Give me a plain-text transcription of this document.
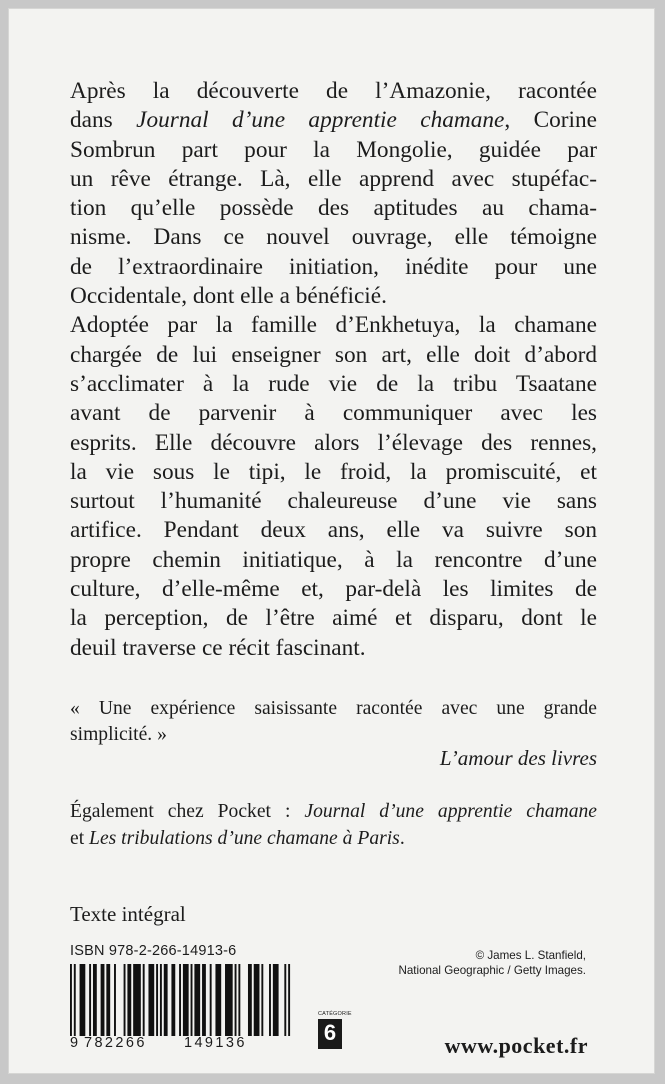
Après la découverte de l’Amazonie, racontée
dans Journal d’une apprentie chamane, Corine
Sombrun part pour la Mongolie, guidée par
un rêve étrange. Là, elle apprend avec stupéfac-
tion qu’elle possède des aptitudes au chama-
nisme. Dans ce nouvel ouvrage, elle témoigne
de l’extraordinaire initiation, inédite pour une
Occidentale, dont elle a bénéficié.
Adoptée par la famille d’Enkhetuya, la chamane
chargée de lui enseigner son art, elle doit d’abord
s’acclimater à la rude vie de la tribu Tsaatane
avant de parvenir à communiquer avec les
esprits. Elle découvre alors l’élevage des rennes,
la vie sous le tipi, le froid, la promiscuité, et
surtout l’humanité chaleureuse d’une vie sans
artifice. Pendant deux ans, elle va suivre son
propre chemin initiatique, à la rencontre d’une
culture, d’elle-même et, par-delà les limites de
la perception, de l’être aimé et disparu, dont le
deuil traverse ce récit fascinant.
« Une expérience saisissante racontée avec une grande
simplicité. »
L’amour des livres
Également chez Pocket : Journal d’une apprentie chamane
et Les tribulations d’une chamane à Paris.
Texte intégral
ISBN 978-2-266-14913-6
9 782266	149136
© James L. Stanfield,
National Geographic / Getty Images.
CATÉGORIE
6
www.pocket.fr
